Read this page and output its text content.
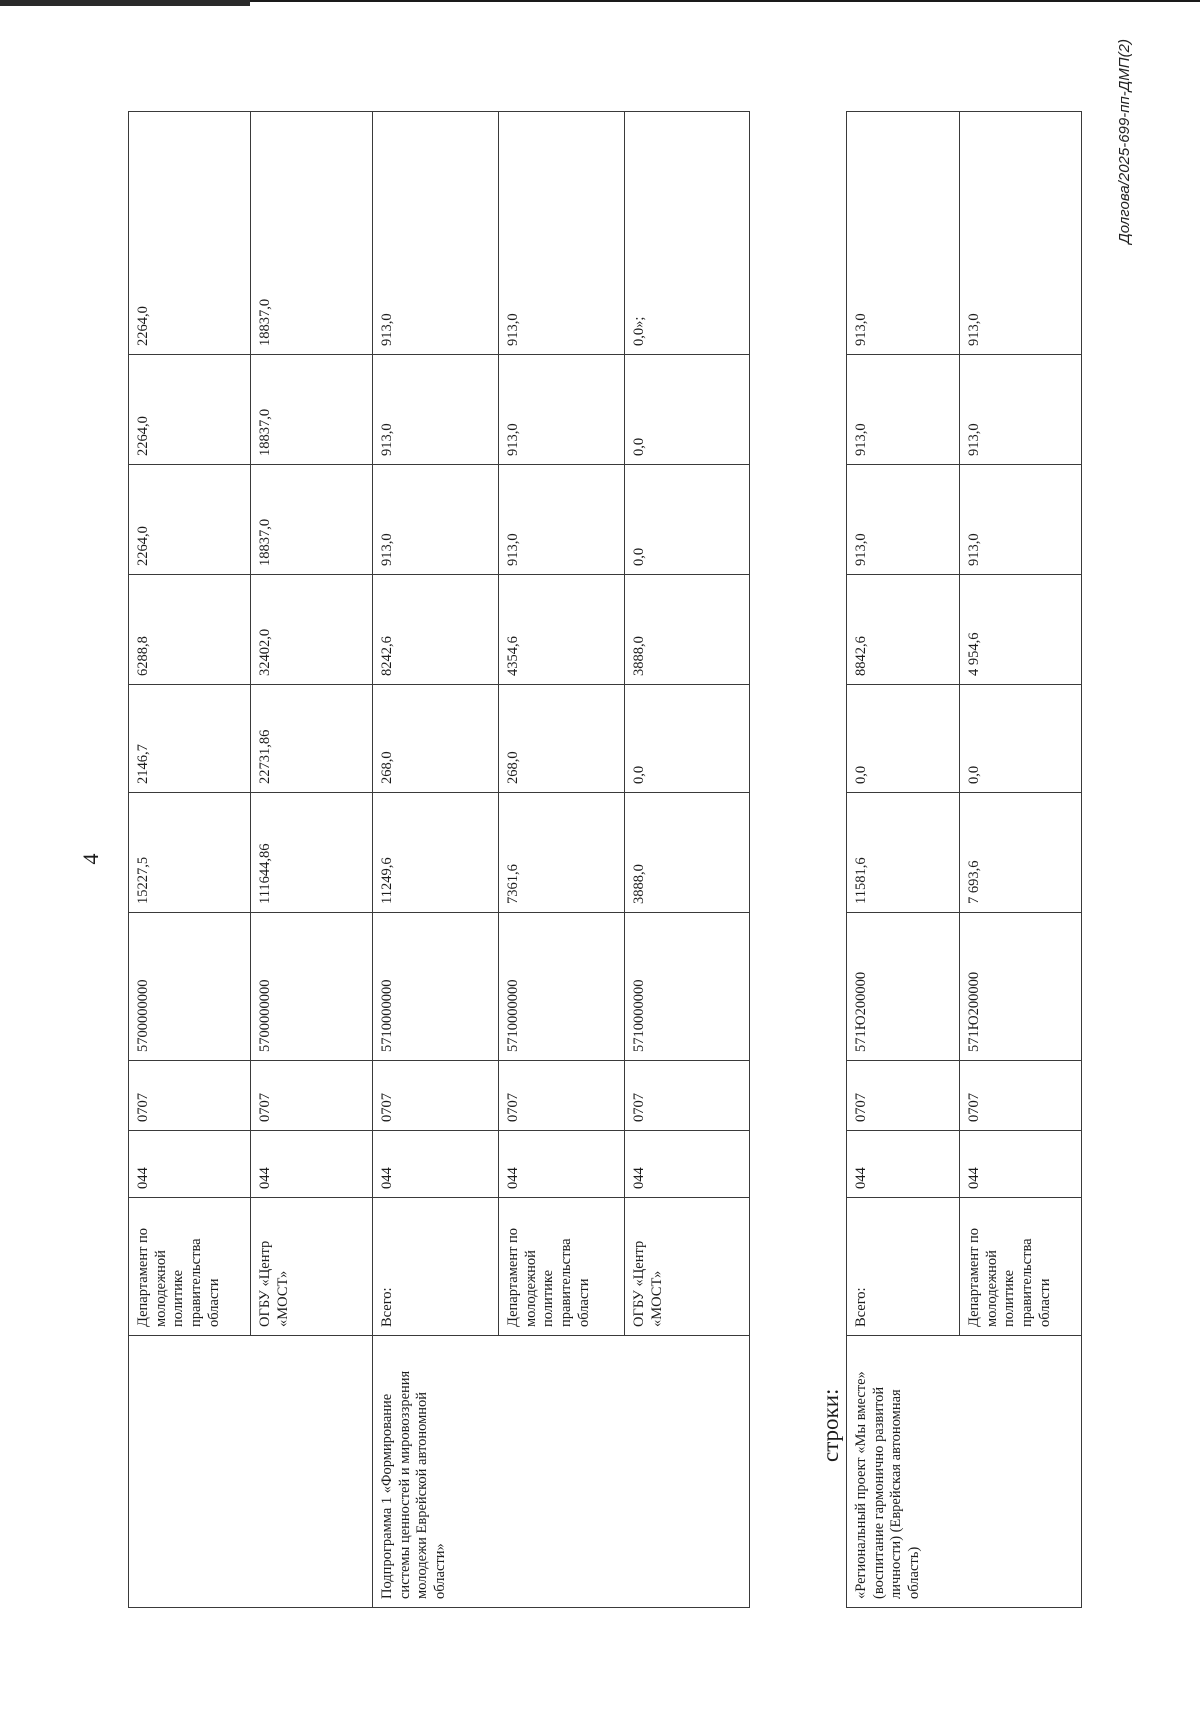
4
	Департамент по молодежной политике правительства области	044	0707	5700000000	15227,5	2146,7	6288,8	2264,0	2264,0	2264,0
	ОГБУ «Центр «МОСТ»	044	0707	5700000000	111644,86	22731,86	32402,0	18837,0	18837,0	18837,0
Подпрограмма 1 «Формирование системы ценностей и мировоззрения молодежи Еврейской автономной области»	Всего:	044	0707	5710000000	11249,6	268,0	8242,6	913,0	913,0	913,0
	Департамент по молодежной политике правительства области	044	0707	5710000000	7361,6	268,0	4354,6	913,0	913,0	913,0
	ОГБУ «Центр «МОСТ»	044	0707	5710000000	3888,0	0,0	3888,0	0,0	0,0	0,0»;
строки: «Региональный проект «Мы вместе» (воспитание гармонично развитой личности) (Еврейская автономная область)	Всего:	044	0707	571Ю200000	11581,6	0,0	8842,6	913,0	913,0	913,0
	Департамент по молодежной политике правительства области	044	0707	571Ю200000	7 693,6	0,0	4 954,6	913,0	913,0	913,0
Долгова/2025-699-пп-ДМП(2)
